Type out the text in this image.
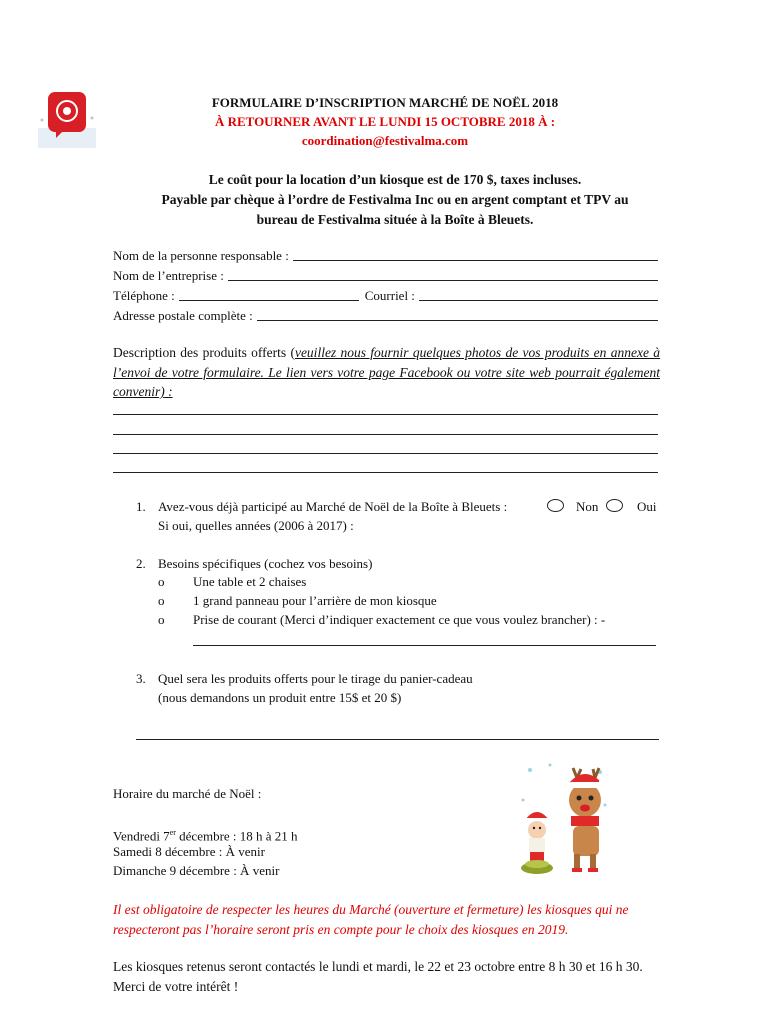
FORMULAIRE D’INSCRIPTION MARCHÉ DE NOËL 2018
À RETOURNER AVANT LE LUNDI 15 OCTOBRE 2018 À :
coordination@festivalma.com
Le coût pour la location d’un kiosque est de 170 $, taxes incluses.
Payable par chèque à l’ordre de Festivalma Inc ou en argent comptant et TPV au
bureau de Festivalma située à la Boîte à Bleuets.
Nom de la personne responsable :
Nom de l’entreprise :
Téléphone :	Courriel :
Adresse postale complète :
Description des produits offerts (veuillez nous fournir quelques photos de vos produits en annexe à l’envoi de votre formulaire. Le lien vers votre page Facebook ou votre site web pourrait également convenir) :
1. Avez-vous déjà participé au Marché de Noël de la Boîte à Bleuets :	Non	Oui
Si oui, quelles années (2006 à 2017) :
2. Besoins spécifiques (cochez vos besoins)
o Une table et 2 chaises
o 1 grand panneau pour l’arrière de mon kiosque
o Prise de courant (Merci d’indiquer exactement ce que vous voulez brancher) : -
3. Quel sera les produits offerts pour le tirage du panier-cadeau
(nous demandons un produit entre 15$ et 20 $)
Horaire du marché de Noël :
Vendredi 7er décembre : 18 h à 21 h
Samedi 8 décembre : À venir
Dimanche 9 décembre : À venir
Il est obligatoire de respecter les heures du Marché (ouverture et fermeture) les kiosques qui ne respecteront pas l’horaire seront pris en compte pour le choix des kiosques en 2019.
Les kiosques retenus seront contactés le lundi et mardi, le 22 et 23 octobre entre 8 h 30 et 16 h 30. Merci de votre intérêt !
